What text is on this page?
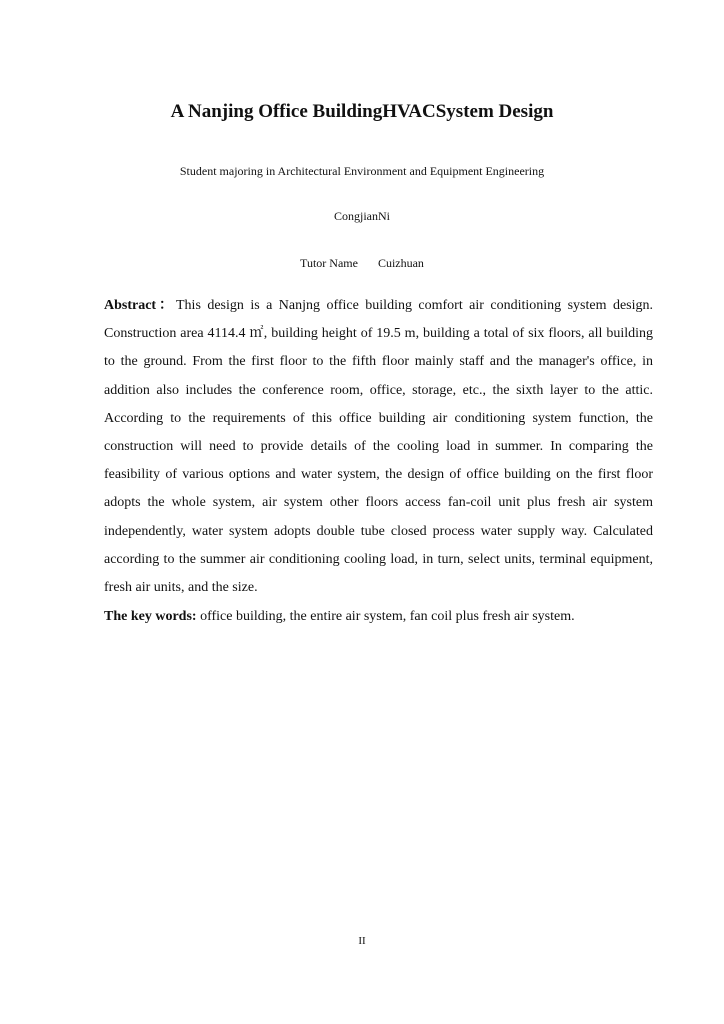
A Nanjing Office BuildingHVACSystem Design
Student majoring in Architectural Environment and Equipment Engineering
CongjianNi
Tutor Name Cuizhuan

Abstract：This design is a Nanjng office building comfort air conditioning system design. Construction area 4114.4 ㎡, building height of 19.5 m, building a total of six floors, all building to the ground. From the first floor to the fifth floor mainly staff and the manager's office, in addition also includes the conference room, office, storage, etc., the sixth layer to the attic. According to the requirements of this office building air conditioning system function, the construction will need to provide details of the cooling load in summer. In comparing the feasibility of various options and water system, the design of office building on the first floor adopts the whole system, air system other floors access fan-coil unit plus fresh air system independently, water system adopts double tube closed process water supply way. Calculated according to the summer air conditioning cooling load, in turn, select units, terminal equipment, fresh air units, and the size.

The key words: office building, the entire air system, fan coil plus fresh air system.

II
